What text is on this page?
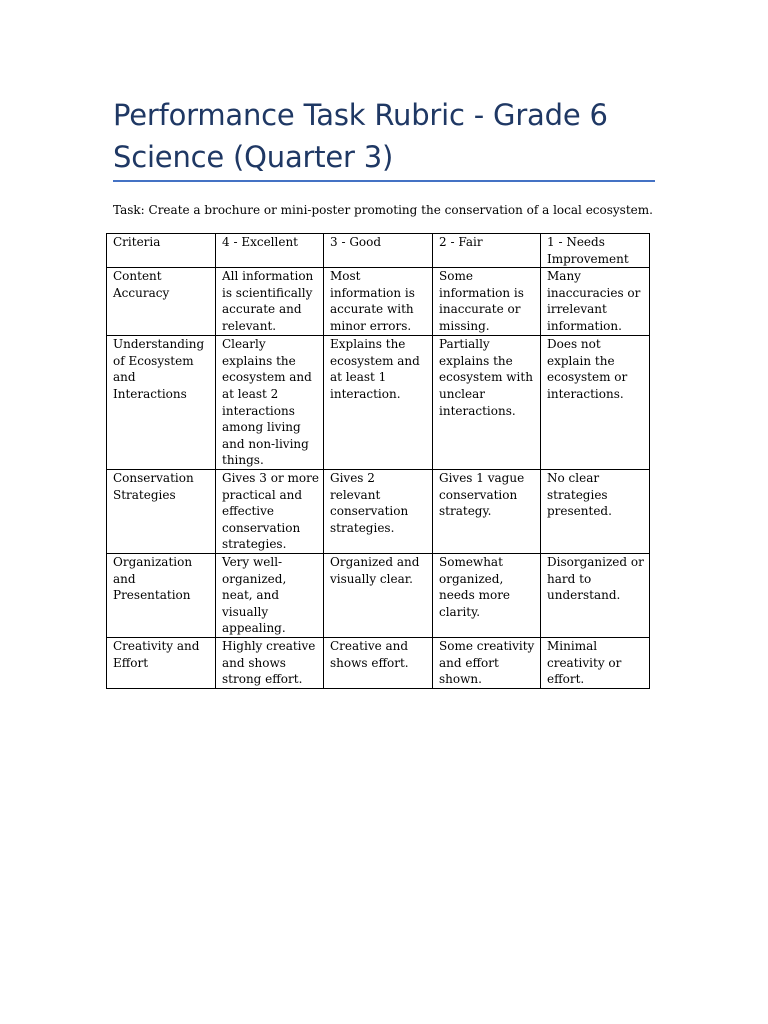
Performance Task Rubric - Grade 6 Science (Quarter 3)

Task: Create a brochure or mini-poster promoting the conservation of a local ecosystem.

Criteria	4 - Excellent	3 - Good	2 - Fair	1 - Needs Improvement
Content Accuracy	All information is scientifically accurate and relevant.	Most information is accurate with minor errors.	Some information is inaccurate or missing.	Many inaccuracies or irrelevant information.
Understanding of Ecosystem and Interactions	Clearly explains the ecosystem and at least 2 interactions among living and non-living things.	Explains the ecosystem and at least 1 interaction.	Partially explains the ecosystem with unclear interactions.	Does not explain the ecosystem or interactions.
Conservation Strategies	Gives 3 or more practical and effective conservation strategies.	Gives 2 relevant conservation strategies.	Gives 1 vague conservation strategy.	No clear strategies presented.
Organization and Presentation	Very well-organized, neat, and visually appealing.	Organized and visually clear.	Somewhat organized, needs more clarity.	Disorganized or hard to understand.
Creativity and Effort	Highly creative and shows strong effort.	Creative and shows effort.	Some creativity and effort shown.	Minimal creativity or effort.
